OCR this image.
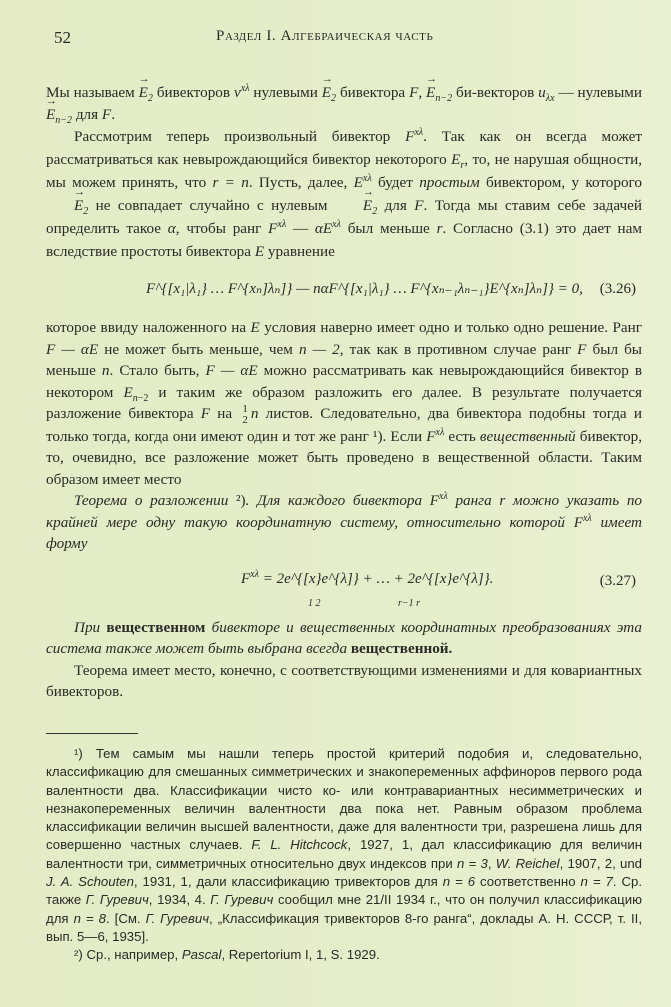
52	Раздел I. Алгебраическая часть

Мы называем → $E_2$ бивекторов $v^{x\lambda}$ нулевыми → $E_2$ бивектора F, → $E_{n-2}$ би-векторов $u_{\lambda x}$ — нулевыми → $E_{n-2}$ для F.

Рассмотрим теперь произвольный бивектор $F^{x\lambda}$. Так как он всегда может рассматриваться как невырождающийся бивектор некоторого $E_r$, то, не нарушая общности, мы можем принять, что r = n. Пусть, далее, $E^{x\lambda}$ будет простым бивектором, у которого → $E_2$ не совпадает случайно с нулевым → $E_2$ для F. Тогда мы ставим себе задачей определить такое α, чтобы ранг $F^{x\lambda}$ — $\alpha E^{x\lambda}$ был меньше r. Согласно (3.1) это дает нам вследствие простоты бивектора E уравнение

F^{[x₁|λ₁} … F^{xₙ]λₙ]} — nαF^{[x₁|λ₁} … F^{xₙ₋₁λₙ₋₁}E^{xₙ]λₙ]} = 0, (3.26)

которое ввиду наложенного на E условия наверно имеет одно и только одно решение. Ранг F — αE не может быть меньше, чем n — 2, так как в противном случае ранг F был бы меньше n. Стало быть, F — αE можно рассматривать как невырождающийся бивектор в некотором $E_{n-2}$ и таким же образом разложить его далее. В результате получается разложение бивектора F на 1
2 n листов. Следовательно, два бивектора подобны тогда и только тогда, когда они имеют один и тот же ранг ¹). Если $F^{x\lambda}$ есть вещественный бивектор, то, очевидно, все разложение может быть проведено в вещественной области. Таким образом имеет место

Теорема о разложении ²). Для каждого бивектора $F^{x\lambda}$ ранга r можно указать по крайней мере одну такую координатную систему, относительно которой $F^{x\lambda}$ имеет форму

$F^{x\lambda}$ = 2e^{[x}e^{λ]} + … + 2e^{[x}e^{λ]}.
1 2	r−1 r
(3.27)

При вещественном бивекторе и вещественных координатных преобразованиях эта система также может быть выбрана всегда вещественной.

Теорема имеет место, конечно, с соответствующими изменениями и для ковариантных бивекторов.

¹) Тем самым мы нашли теперь простой критерий подобия и, следовательно, классификацию для смешанных симметрических и знакопеременных аффиноров первого рода валентности два. Классификации чисто ко- или контравариантных несимметрических и незнакопеременных величин валентности два пока нет. Равным образом проблема классификации величин высшей валентности, даже для валентности три, разрешена лишь для совершенно частных случаев. F. L. Hitchcock, 1927, 1, дал классификацию для величин валентности три, симметричных относительно двух индексов при n = 3, W. Reichel, 1907, 2, und J. A. Schouten, 1931, 1, дали классификацию тривекторов для n = 6 соответственно n = 7. Ср. также Г. Гуревич, 1934, 4. Г. Гуревич сообщил мне 21/II 1934 г., что он получил классификацию для n = 8. [См. Г. Гуревич, „Классификация тривекторов 8-го ранга“, доклады А. Н. СССР, т. II, вып. 5—6, 1935].

²) Ср., например, Pascal, Repertorium I, 1, S. 1929.
